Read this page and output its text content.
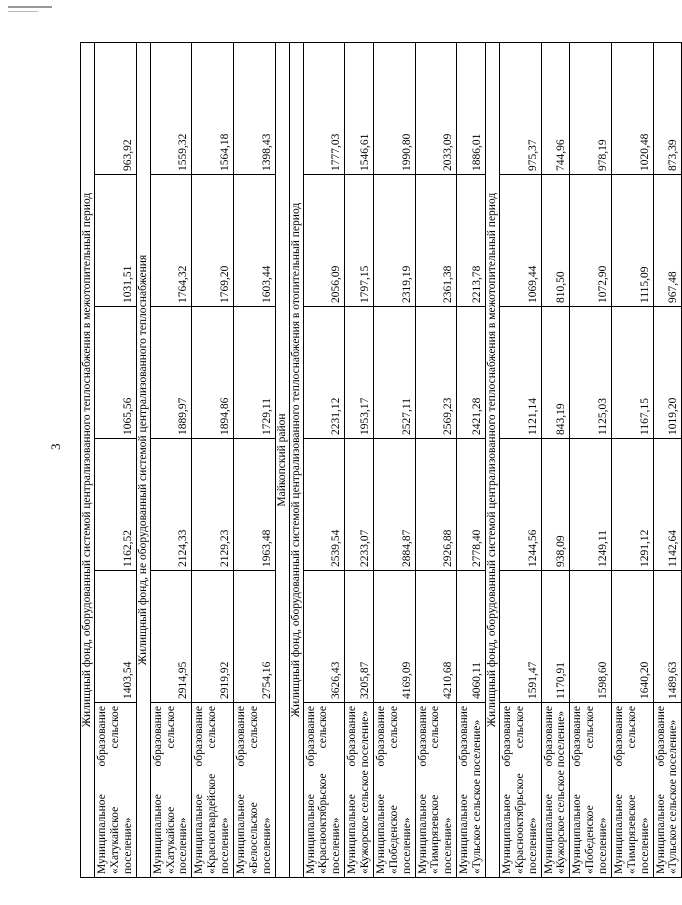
3 Жилищный фонд, оборудованный системой централизованного теплоснабжения в межотопительный период					
Муниципальное образование «Хатукайское сельское поселение»	1403,54	1162,52	1065,56	1031,51	963,92
Жилищный фонд, не оборудованный системой централизованного теплоснабжения					
Муниципальное образование «Хатукайское сельское поселение»	2914,95	2124,33	1889,97	1764,32	1559,32
Муниципальное образование «Красногвардейское сельское поселение»	2919,92	2129,23	1894,86	1769,20	1564,18
Муниципальное образование «Белосельское сельское поселение»	2754,16	1963,48	1729,11	1603,44	1398,43
Майкопский район					
Жилищный фонд, оборудованный системой централизованного теплоснабжения в отопительный период					
Муниципальное образование «Краснооктябрьское сельское поселение»	3626,43	2539,54	2231,12	2056,09	1777,03
Муниципальное образование «Кужорское сельское поселение»	3205,87	2233,07	1953,17	1797,15	1546,61
Муниципальное образование «Победенское сельское поселение»	4169,09	2884,87	2527,11	2319,19	1990,80
Муниципальное образование «Тимирязевское сельское поселение»	4210,68	2926,88	2569,23	2361,38	2033,09
Муниципальное образование «Тульское сельское поселение»	4060,11	2778,40	2421,28	2213,78	1886,01
Жилищный фонд, оборудованный системой централизованного теплоснабжения в межотопительный период					
Муниципальное образование «Краснооктябрьское сельское поселение»	1591,47	1244,56	1121,14	1069,44	975,37
Муниципальное образование «Кужорское сельское поселение»	1170,91	938,09	843,19	810,50	744,96
Муниципальное образование «Победенское сельское поселение»	1598,60	1249,11	1125,03	1072,90	978,19
Муниципальное образование «Тимирязевское сельское поселение»	1640,20	1291,12	1167,15	1115,09	1020,48
Муниципальное образование «Тульское сельское поселение»	1489,63	1142,64	1019,20	967,48	873,39
